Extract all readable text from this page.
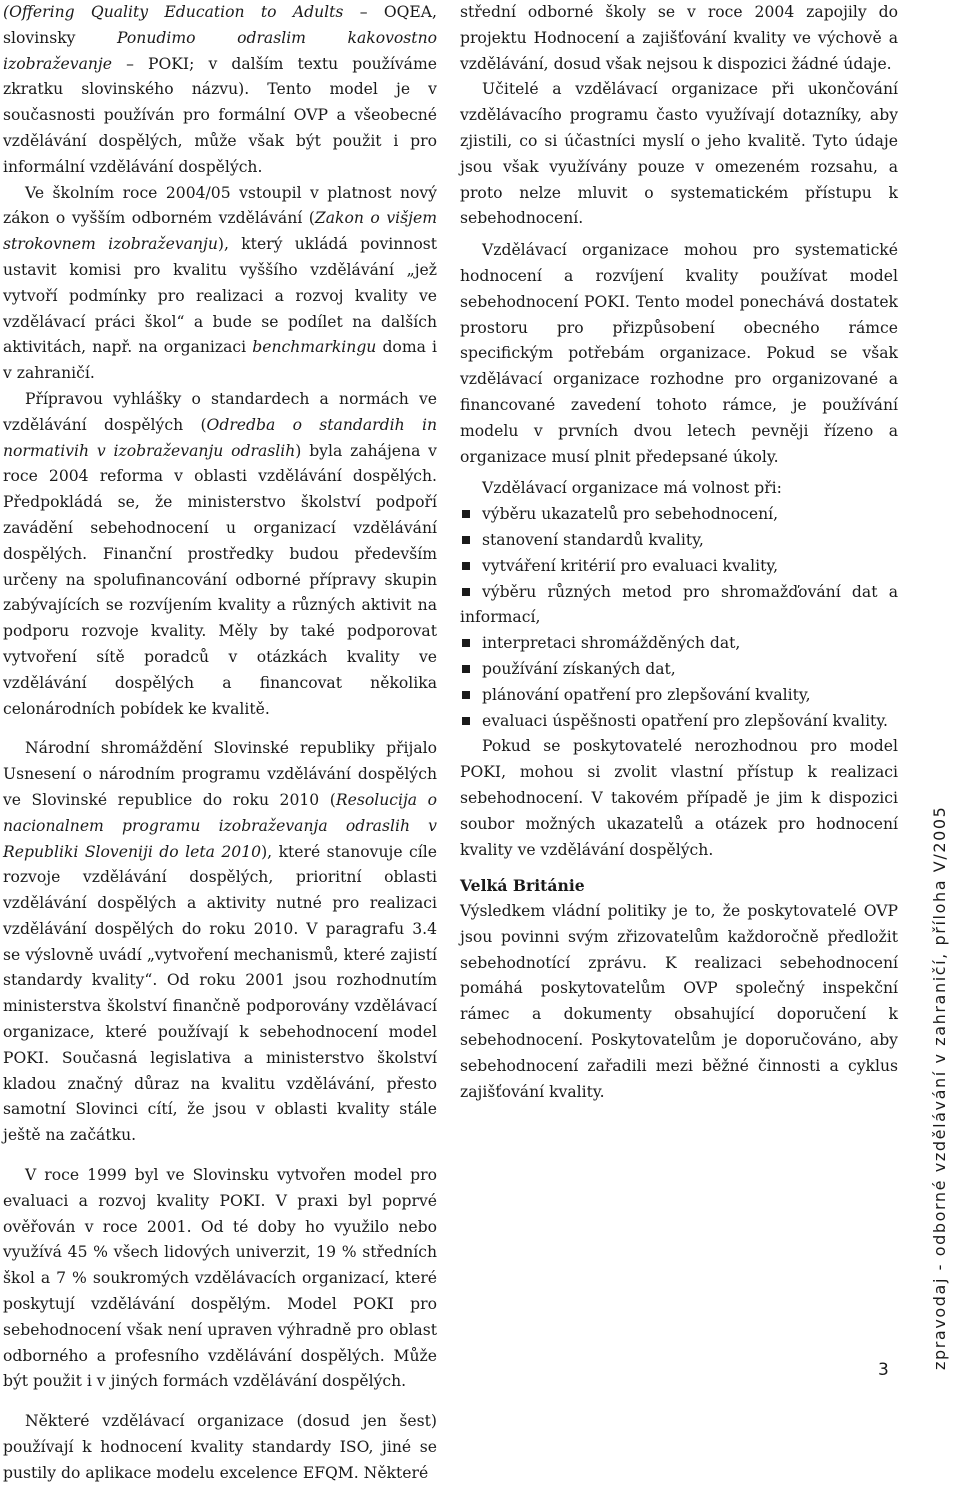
(Offering Quality Education to Adults – OQEA, slovinsky Ponudimo odraslim kakovostno izobraževanje – POKI; v dalším textu používáme zkratku slovinského názvu). Tento model je v současnosti používán pro formální OVP a všeobecné vzdělávání dospělých, může však být použit i pro informální vzdělávání dospělých.

Ve školním roce 2004/05 vstoupil v platnost nový zákon o vyšším odborném vzdělávání (Zakon o višjem strokovnem izobraževanju), který ukládá povinnost ustavit komisi pro kvalitu vyššího vzdělávání „jež vytvoří podmínky pro realizaci a rozvoj kvality ve vzdělávací práci škol“ a bude se podílet na dalších aktivitách, např. na organizaci benchmarkingu doma i v zahraničí.

Přípravou vyhlášky o standardech a normách ve vzdělávání dospělých (Odredba o standardih in normativih v izobraževanju odraslih) byla zahájena v roce 2004 reforma v oblasti vzdělávání dospělých. Předpokládá se, že ministerstvo školství podpoří zavádění sebehodnocení u organizací vzdělávání dospělých. Finanční prostředky budou především určeny na spolufinancování odborné přípravy skupin zabývajících se rozvíjením kvality a různých aktivit na podporu rozvoje kvality. Měly by také podporovat vytvoření sítě poradců v otázkách kvality ve vzdělávání dospělých a financovat několika celonárodních pobídek ke kvalitě.

Národní shromáždění Slovinské republiky přijalo Usnesení o národním programu vzdělávání dospělých ve Slovinské republice do roku 2010 (Resolucija o nacionalnem programu izobraževanja odraslih v Republiki Sloveniji do leta 2010), které stanovuje cíle rozvoje vzdělávání dospělých, prioritní oblasti vzdělávání dospělých a aktivity nutné pro realizaci vzdělávání dospělých do roku 2010. V paragrafu 3.4 se výslovně uvádí „vytvoření mechanismů, které zajistí standardy kvality“. Od roku 2001 jsou rozhodnutím ministerstva školství finančně podporovány vzdělávací organizace, které používají k sebehodnocení model POKI. Současná legislativa a ministerstvo školství kladou značný důraz na kvalitu vzdělávání, přesto samotní Slovinci cítí, že jsou v oblasti kvality stále ještě na začátku.

V roce 1999 byl ve Slovinsku vytvořen model pro evaluaci a rozvoj kvality POKI. V praxi byl poprvé ověřován v roce 2001. Od té doby ho využilo nebo využívá 45 % všech lidových univerzit, 19 % středních škol a 7 % soukromých vzdělávacích organizací, které poskytují vzdělávání dospělým. Model POKI pro sebehodnocení však není upraven výhradně pro oblast odborného a profesního vzdělávání dospělých. Může být použit i v jiných formách vzdělávání dospělých.

Některé vzdělávací organizace (dosud jen šest) používají k hodnocení kvality standardy ISO, jiné se pustily do aplikace modelu excelence EFQM. Některé

střední odborné školy se v roce 2004 zapojily do projektu Hodnocení a zajišťování kvality ve výchově a vzdělávání, dosud však nejsou k dispozici žádné údaje.

Učitelé a vzdělávací organizace při ukončování vzdělávacího programu často využívají dotazníky, aby zjistili, co si účastníci myslí o jeho kvalitě. Tyto údaje jsou však využívány pouze v omezeném rozsahu, a proto nelze mluvit o systematickém přístupu k sebehodnocení.

Vzdělávací organizace mohou pro systematické hodnocení a rozvíjení kvality používat model sebehodnocení POKI. Tento model ponechává dostatek prostoru pro přizpůsobení obecného rámce specifickým potřebám organizace. Pokud se však vzdělávací organizace rozhodne pro organizované a financované zavedení tohoto rámce, je používání modelu v prvních dvou letech pevněji řízeno a organizace musí plnit předepsané úkoly.

Vzdělávací organizace má volnost při:

výběru ukazatelů pro sebehodnocení,
stanovení standardů kvality,
vytváření kritérií pro evaluaci kvality,
výběru různých metod pro shromažďování dat a informací,
interpretaci shromážděných dat,
používání získaných dat,
plánování opatření pro zlepšování kvality,
evaluaci úspěšnosti opatření pro zlepšování kvality.

Pokud se poskytovatelé nerozhodnou pro model POKI, mohou si zvolit vlastní přístup k realizaci sebehodnocení. V takovém případě je jim k dispozici soubor možných ukazatelů a otázek pro hodnocení kvality ve vzdělávání dospělých.

Velká Británie

Výsledkem vládní politiky je to, že poskytovatelé OVP jsou povinni svým zřizovatelům každoročně předložit sebehodnotící zprávu. K realizaci sebehodnocení pomáhá poskytovatelům OVP společný inspekční rámec a dokumenty obsahující doporučení k sebehodnocení. Poskytovatelům je doporučováno, aby sebehodnocení zařadili mezi běžné činnosti a cyklus zajišťování kvality.	zpravodaj - odborné vzdělávání v zahraničí, příloha V/2005
3
